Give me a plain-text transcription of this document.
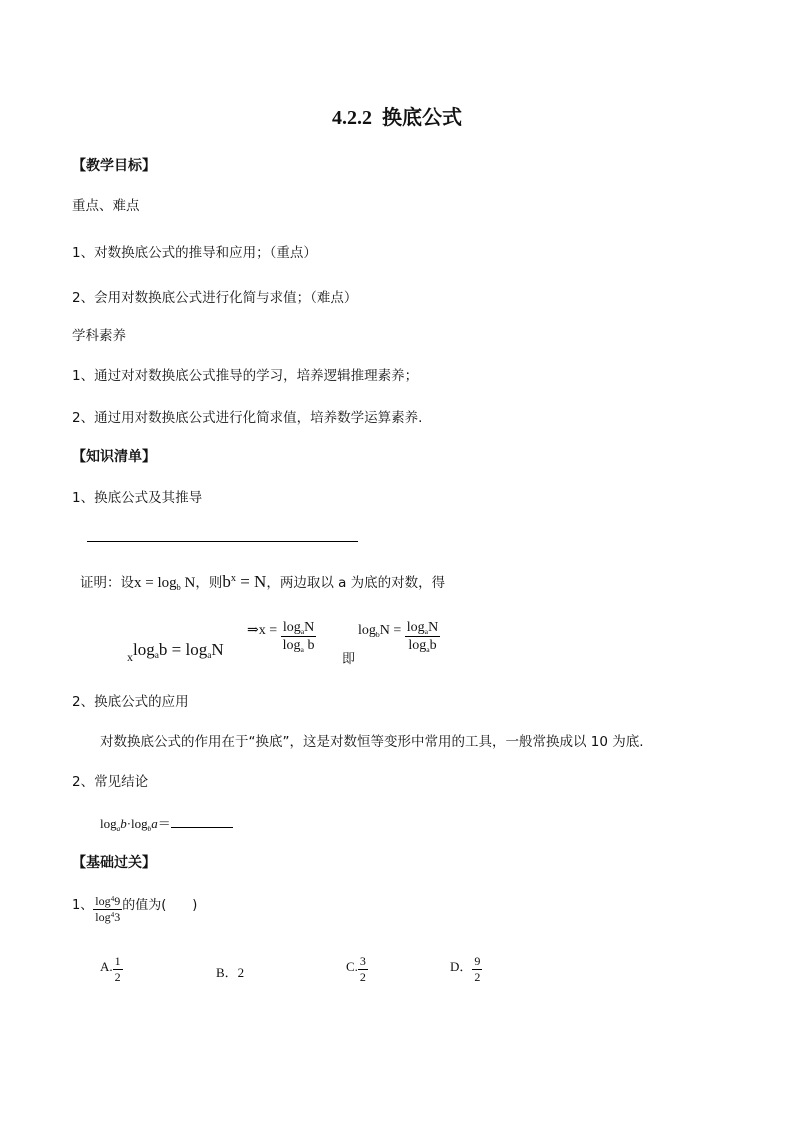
4.2.2 换底公式
【教学目标】
重点、难点
1、对数换底公式的推导和应用；（重点）
2、会用对数换底公式进行化简与求值；（难点）
学科素养
1、通过对对数换底公式推导的学习，培养逻辑推理素养；
2、通过用对数换底公式进行化简求值，培养数学运算素养.
【知识清单】
1、换底公式及其推导
证明：设x = logb N，则$b^x = N$，两边取以 a 为底的对数，得
$_x$logab = logaN
⇒x = $\frac{\text{logaN}}{\text{loga b}}$
即
logbN = $\frac{\text{logaN}}{\text{logab}}$
2、换底公式的应用
对数换底公式的作用在于“换底”，这是对数恒等变形中常用的工具，一般常换成以 10 为底.
2、常见结论
logab·logba＝
【基础过关】
1、 $\frac{\log^49}{\log^43}$ 的值为(　　)
A. $\frac{1}{2}$	B．2	C. $\frac{3}{2}$	D． $\frac{9}{2}$
